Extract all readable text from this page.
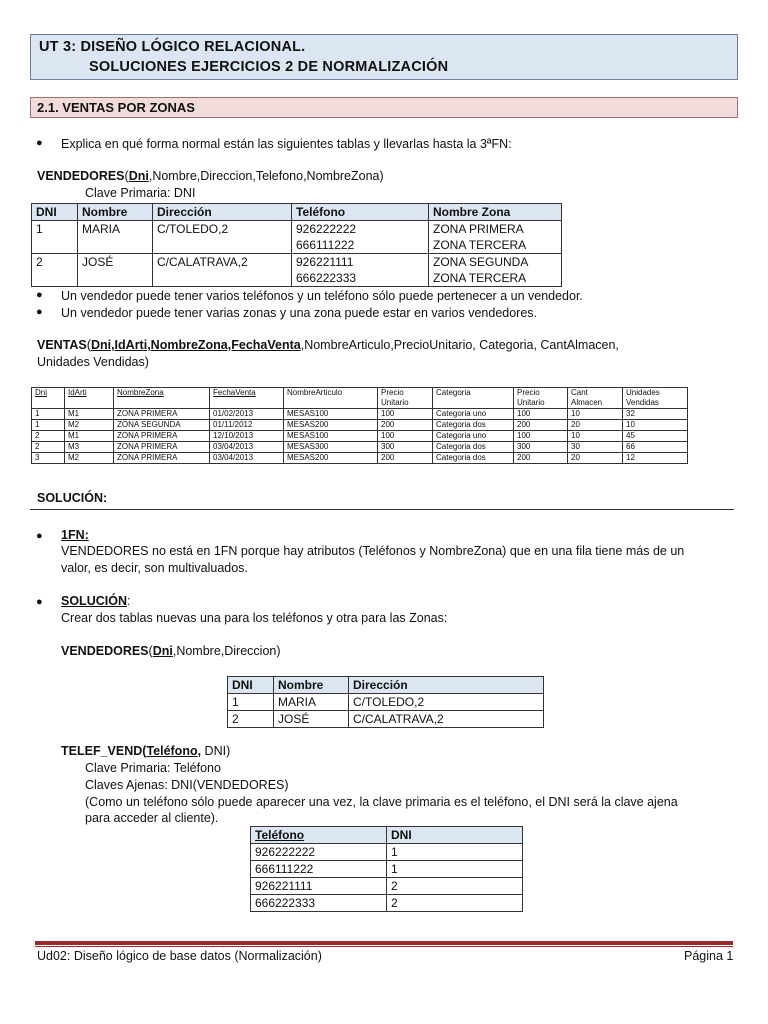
UT 3: DISEÑO LÓGICO RELACIONAL.
SOLUCIONES EJERCICIOS 2 DE NORMALIZACIÓN
2.1. VENTAS POR ZONAS
● Explica en qué forma normal están las siguientes tablas y llevarlas hasta la 3ªFN:
VENDEDORES(Dni,Nombre,Direccion,Telefono,NombreZona)
Clave Primaria: DNI
DNI	Nombre	Dirección	Teléfono	Nombre Zona
1	MARIA	C/TOLEDO,2	926222222	ZONA PRIMERA
			666111222	ZONA TERCERA
2	JOSÉ	C/CALATRAVA,2	926221111	ZONA SEGUNDA
			666222333	ZONA TERCERA
● Un vendedor puede tener varios teléfonos y un teléfono sólo puede pertenecer a un vendedor.
● Un vendedor puede tener varias zonas y una zona puede estar en varios vendedores.
VENTAS(Dni,IdArti,NombreZona,FechaVenta,NombreArticulo,PrecioUnitario, Categoria, CantAlmacen,
Unidades Vendidas)
Dni	IdArti	NombreZona	FechaVenta	NombreArticulo	Precio
Unitario	Categoria	Precio
Unitario	Cant
Almacen	Unidades
Vendidas
1	M1	ZONA PRIMERA	01/02/2013	MESAS100	100	Categoria uno	100	10	32
1	M2	ZONA SEGUNDA	01/11/2012	MESAS200	200	Categoria dos	200	20	10
2	M1	ZONA PRIMERA	12/10/2013	MESAS100	100	Categoria uno	100	10	45
2	M3	ZONA PRIMERA	03/04/2013	MESAS300	300	Categoria dos	300	30	66
3	M2	ZONA PRIMERA	03/04/2013	MESAS200	200	Categoria dos	200	20	12
SOLUCIÓN:
● 1FN:
VENDEDORES no está en 1FN porque hay atributos (Teléfonos y NombreZona) que en una fila tiene más de un
valor, es decir, son multivaluados.
● SOLUCIÓN:
Crear dos tablas nuevas una para los teléfonos y otra para las Zonas:
VENDEDORES(Dni,Nombre,Direccion)
DNI	Nombre	Dirección
1	MARIA	C/TOLEDO,2
2	JOSÉ	C/CALATRAVA,2
TELEF_VEND(Teléfono, DNI)
Clave Primaria: Teléfono
Claves Ajenas: DNI(VENDEDORES)
(Como un teléfono sólo puede aparecer una vez, la clave primaria es el teléfono, el DNI será la clave ajena
para acceder al cliente).
Teléfono	DNI
926222222	1
666111222	1
926221111	2
666222333	2
Ud02: Diseño lógico de base datos (Normalización)	Página 1
